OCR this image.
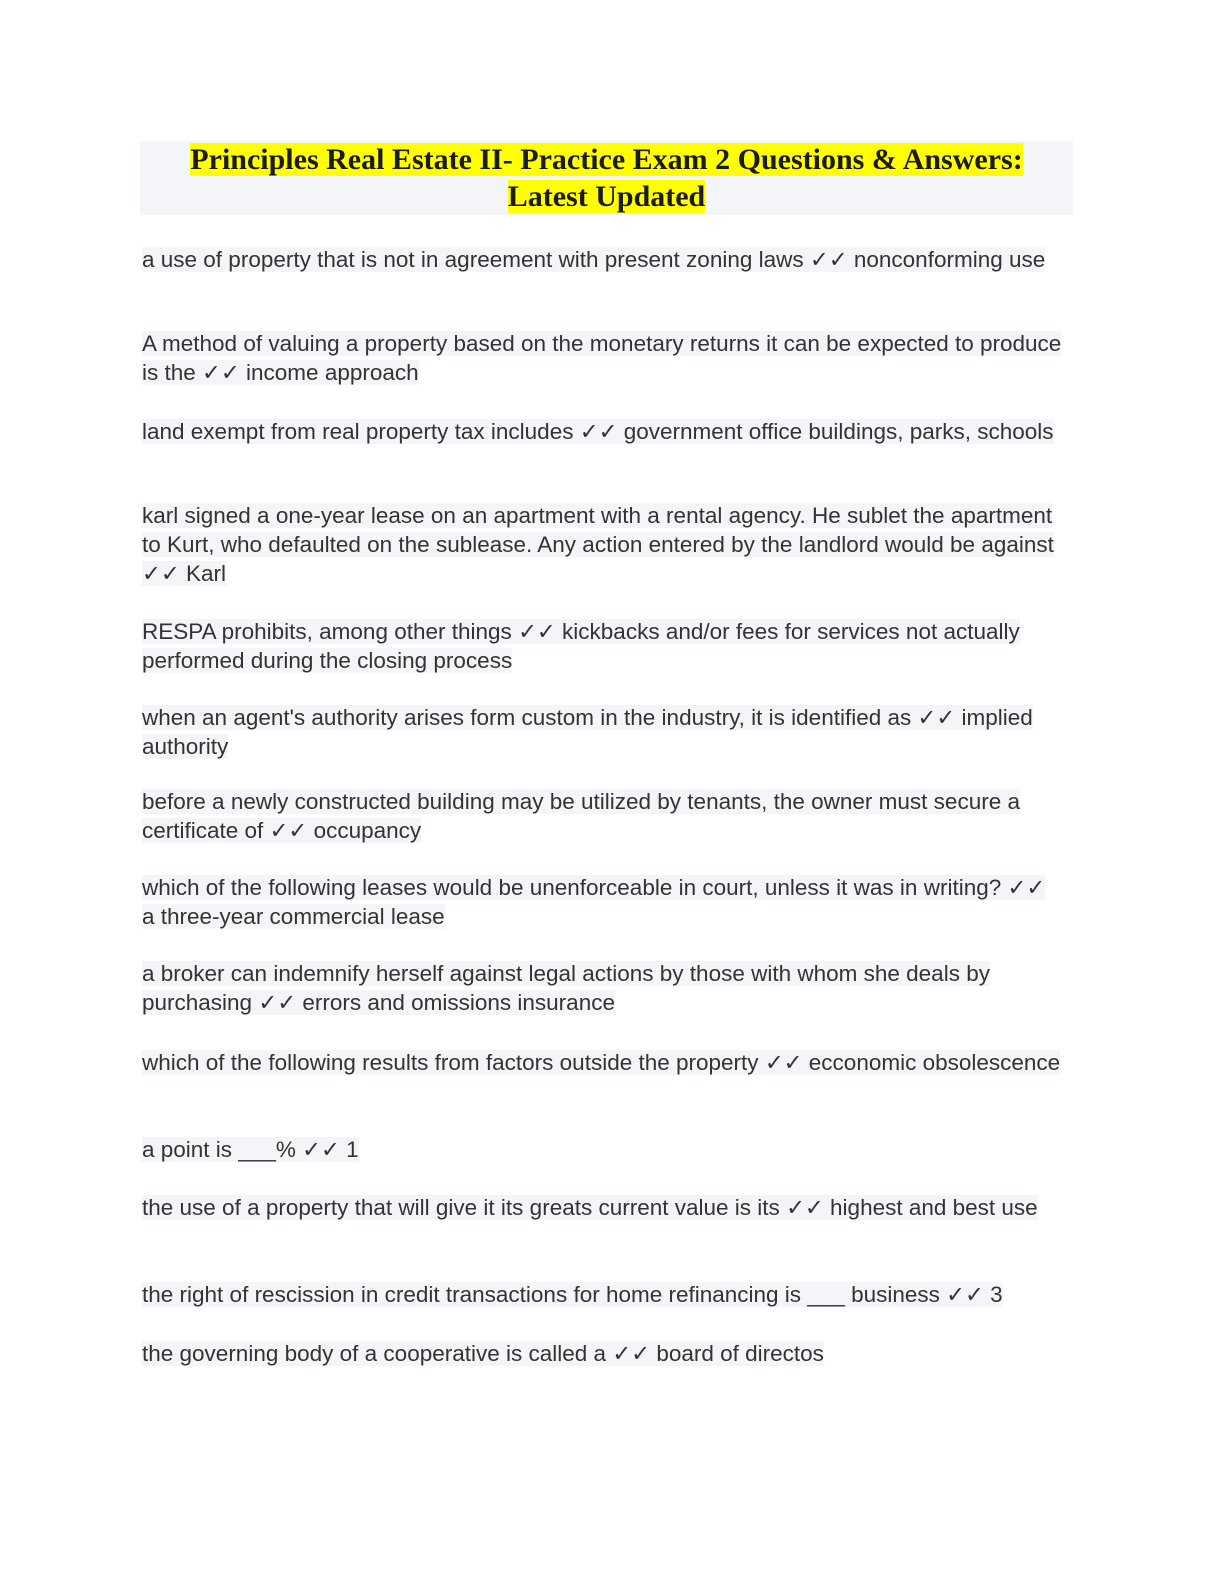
Principles Real Estate II- Practice Exam 2 Questions & Answers:

Latest Updated

a use of property that is not in agreement with present zoning laws ✓✓ nonconforming use

A method of valuing a property based on the monetary returns it can be expected to produce is the ✓✓ income approach

land exempt from real property tax includes ✓✓ government office buildings, parks, schools

karl signed a one-year lease on an apartment with a rental agency. He sublet the apartment to Kurt, who defaulted on the sublease. Any action entered by the landlord would be against ✓✓ Karl

RESPA prohibits, among other things ✓✓ kickbacks and/or fees for services not actually performed during the closing process

when an agent's authority arises form custom in the industry, it is identified as ✓✓ implied authority

before a newly constructed building may be utilized by tenants, the owner must secure a certificate of ✓✓ occupancy

which of the following leases would be unenforceable in court, unless it was in writing? ✓✓ a three-year commercial lease

a broker can indemnify herself against legal actions by those with whom she deals by purchasing ✓✓ errors and omissions insurance

which of the following results from factors outside the property ✓✓ ecconomic obsolescence

a point is ___% ✓✓ 1

the use of a property that will give it its greats current value is its ✓✓ highest and best use

the right of rescission in credit transactions for home refinancing is ___ business ✓✓ 3

the governing body of a cooperative is called a ✓✓ board of directos
